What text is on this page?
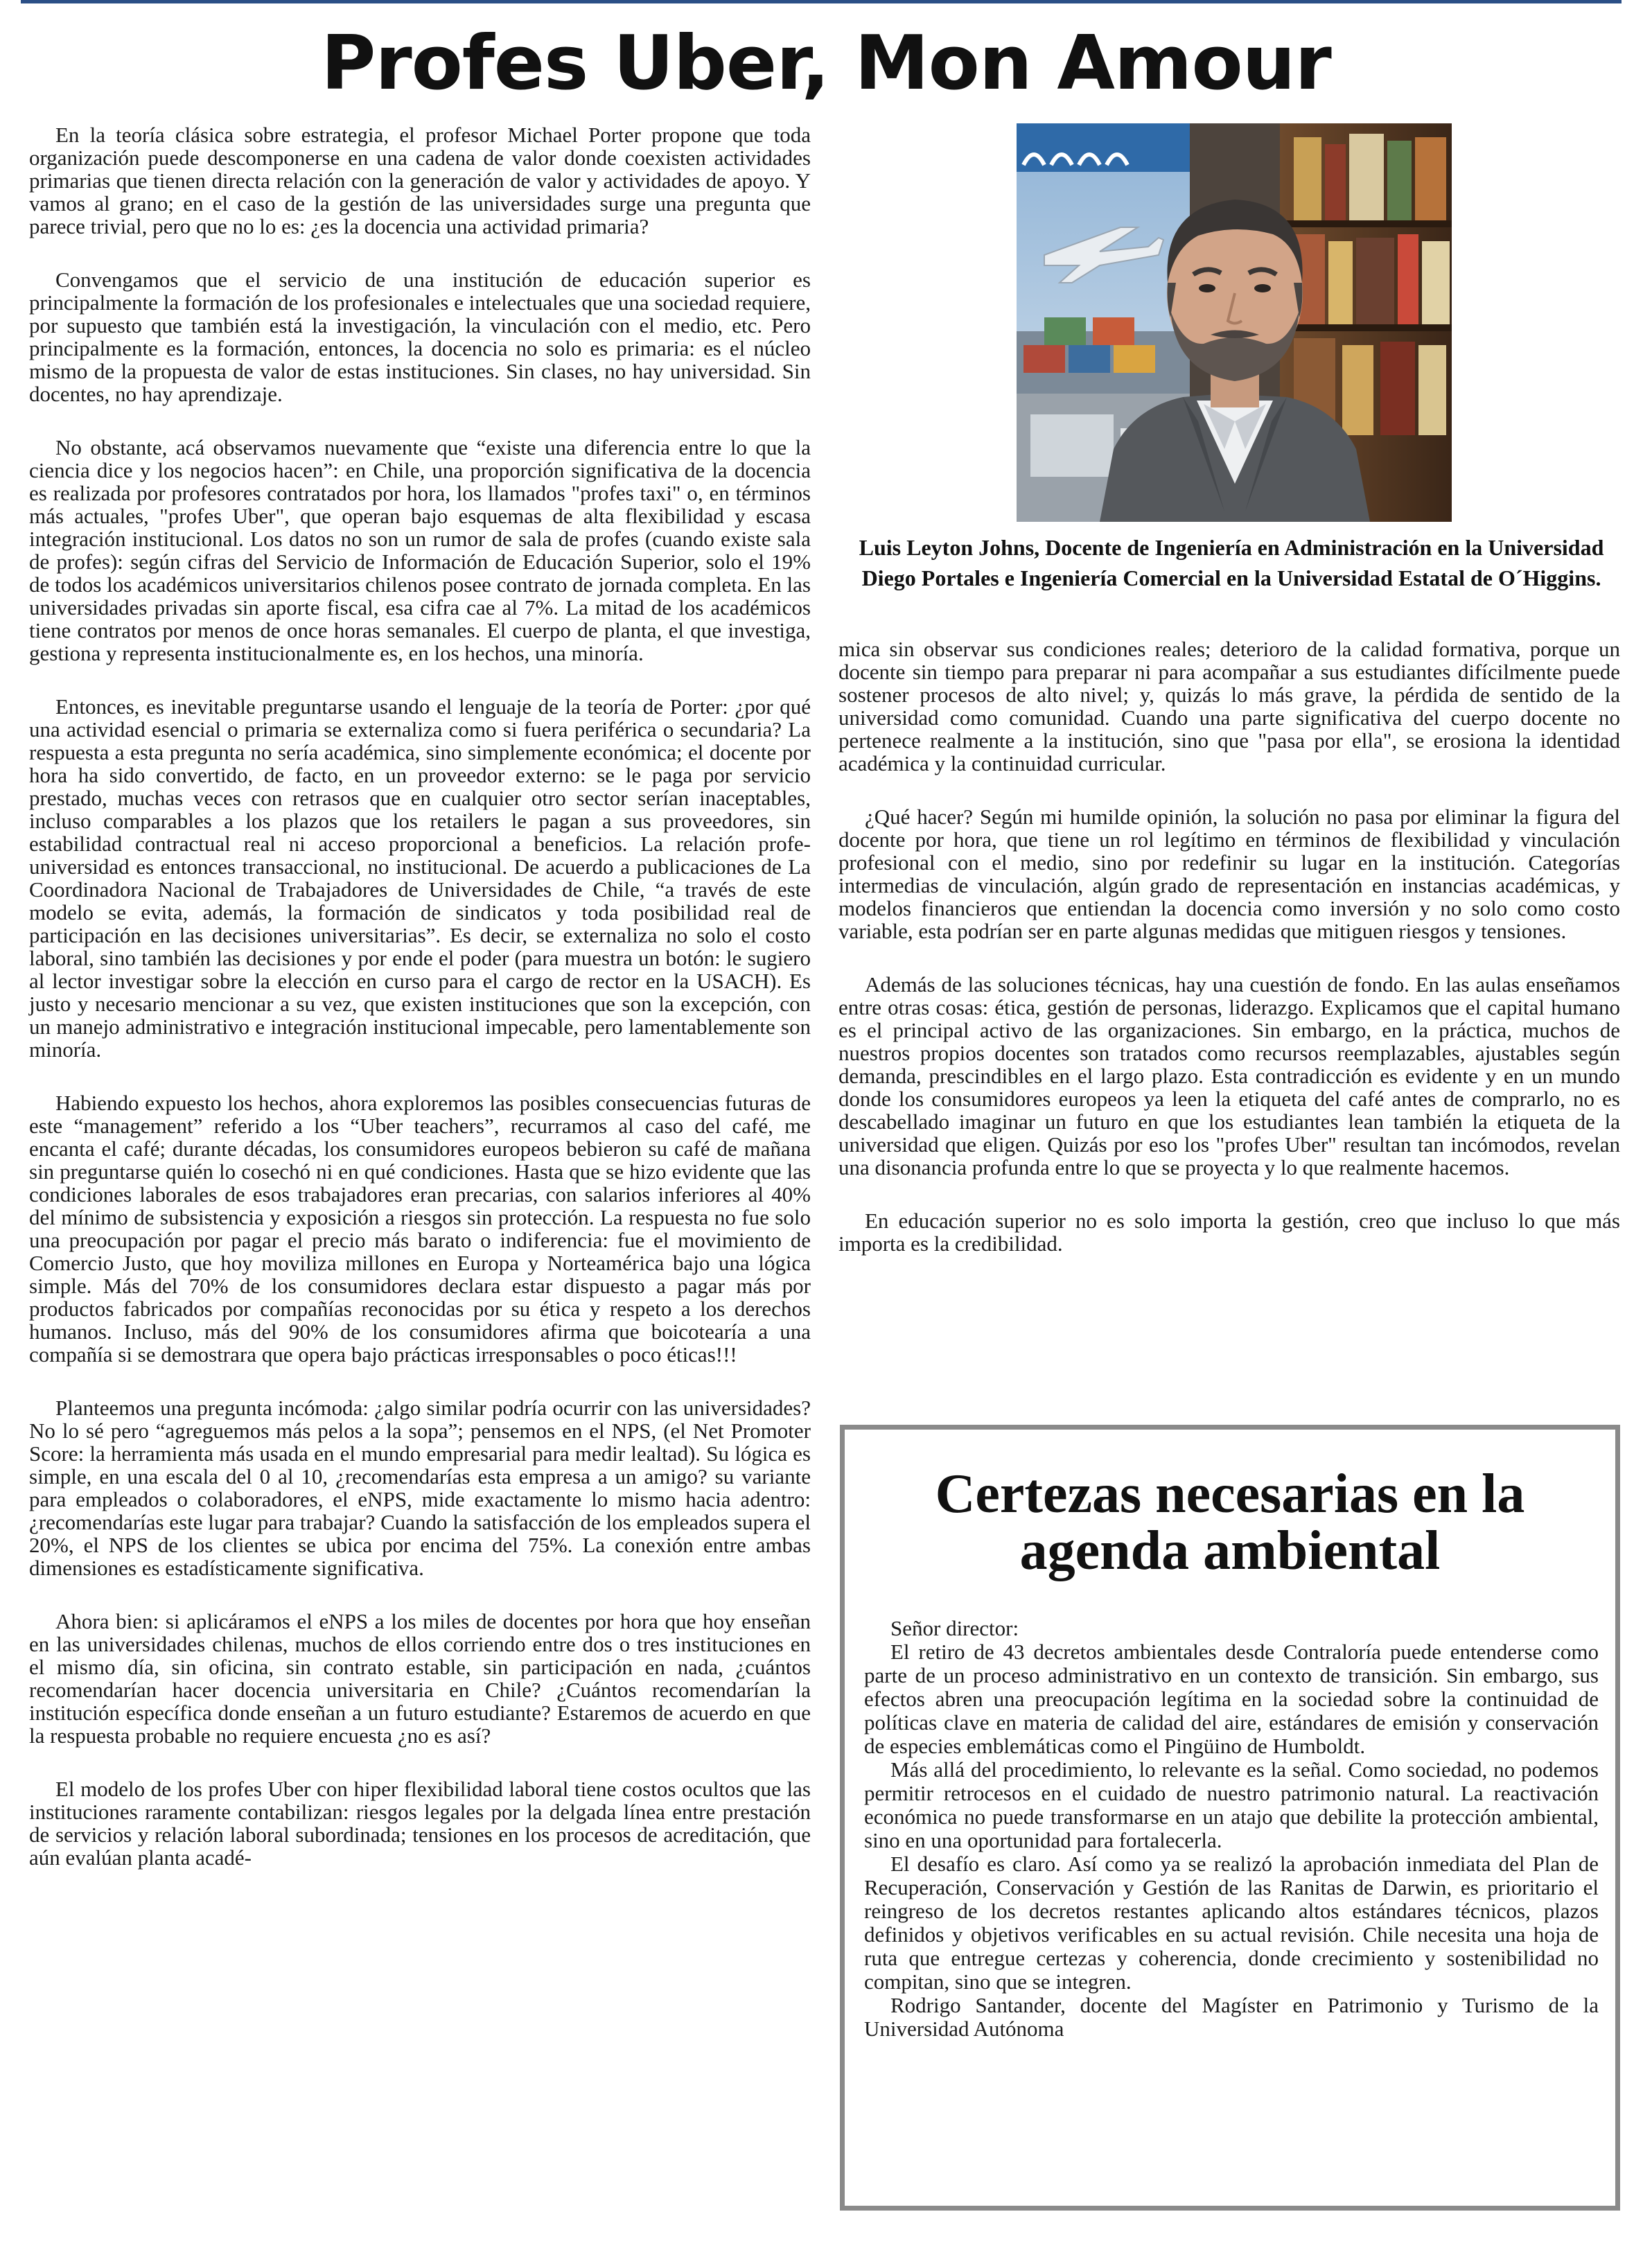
Profes Uber, Mon Amour

En la teoría clásica sobre estrategia, el profesor Michael Porter propone que toda organización puede descomponerse en una cadena de valor donde coexisten actividades primarias que tienen directa relación con la generación de valor y actividades de apoyo. Y vamos al grano; en el caso de la gestión de las universidades surge una pregunta que parece trivial, pero que no lo es: ¿es la docencia una actividad primaria?

Convengamos que el servicio de una institución de educación superior es principalmente la formación de los profesionales e intelectuales que una sociedad requiere, por supuesto que también está la investigación, la vinculación con el medio, etc. Pero principalmente es la formación, entonces, la docencia no solo es primaria: es el núcleo mismo de la propuesta de valor de estas instituciones. Sin clases, no hay universidad. Sin docentes, no hay aprendizaje.

No obstante, acá observamos nuevamente que “existe una diferencia entre lo que la ciencia dice y los negocios hacen”: en Chile, una proporción significativa de la docencia es realizada por profesores contratados por hora, los llamados "profes taxi" o, en términos más actuales, "profes Uber", que operan bajo esquemas de alta flexibilidad y escasa integración institucional. Los datos no son un rumor de sala de profes (cuando existe sala de profes): según cifras del Servicio de Información de Educación Superior, solo el 19% de todos los académicos universitarios chilenos posee contrato de jornada completa. En las universidades privadas sin aporte fiscal, esa cifra cae al 7%. La mitad de los académicos tiene contratos por menos de once horas semanales. El cuerpo de planta, el que investiga, gestiona y representa institucionalmente es, en los hechos, una minoría.

Entonces, es inevitable preguntarse usando el lenguaje de la teoría de Porter: ¿por qué una actividad esencial o primaria se externaliza como si fuera periférica o secundaria? La respuesta a esta pregunta no sería académica, sino simplemente económica; el docente por hora ha sido convertido, de facto, en un proveedor externo: se le paga por servicio prestado, muchas veces con retrasos que en cualquier otro sector serían inaceptables, incluso comparables a los plazos que los retailers le pagan a sus proveedores, sin estabilidad contractual real ni acceso proporcional a beneficios. La relación profe-universidad es entonces transaccional, no institucional. De acuerdo a publicaciones de La Coordinadora Nacional de Trabajadores de Universidades de Chile, “a través de este modelo se evita, además, la formación de sindicatos y toda posibilidad real de participación en las decisiones universitarias”. Es decir, se externaliza no solo el costo laboral, sino también las decisiones y por ende el poder (para muestra un botón: le sugiero al lector investigar sobre la elección en curso para el cargo de rector en la USACH). Es justo y necesario mencionar a su vez, que existen instituciones que son la excepción, con un manejo administrativo e integración institucional impecable, pero lamentablemente son minoría.

Habiendo expuesto los hechos, ahora exploremos las posibles consecuencias futuras de este “management” referido a los “Uber teachers”, recurramos al caso del café, me encanta el café; durante décadas, los consumidores europeos bebieron su café de mañana sin preguntarse quién lo cosechó ni en qué condiciones. Hasta que se hizo evidente que las condiciones laborales de esos trabajadores eran precarias, con salarios inferiores al 40% del mínimo de subsistencia y exposición a riesgos sin protección. La respuesta no fue solo una preocupación por pagar el precio más barato o indiferencia: fue el movimiento de Comercio Justo, que hoy moviliza millones en Europa y Norteamérica bajo una lógica simple. Más del 70% de los consumidores declara estar dispuesto a pagar más por productos fabricados por compañías reconocidas por su ética y respeto a los derechos humanos. Incluso, más del 90% de los consumidores afirma que boicotearía a una compañía si se demostrara que opera bajo prácticas irresponsables o poco éticas!!!

Planteemos una pregunta incómoda: ¿algo similar podría ocurrir con las universidades? No lo sé pero “agreguemos más pelos a la sopa”; pensemos en el NPS, (el Net Promoter Score: la herramienta más usada en el mundo empresarial para medir lealtad). Su lógica es simple, en una escala del 0 al 10, ¿recomendarías esta empresa a un amigo? su variante para empleados o colaboradores, el eNPS, mide exactamente lo mismo hacia adentro: ¿recomendarías este lugar para trabajar? Cuando la satisfacción de los empleados supera el 20%, el NPS de los clientes se ubica por encima del 75%. La conexión entre ambas dimensiones es estadísticamente significativa.

Ahora bien: si aplicáramos el eNPS a los miles de docentes por hora que hoy enseñan en las universidades chilenas, muchos de ellos corriendo entre dos o tres instituciones en el mismo día, sin oficina, sin contrato estable, sin participación en nada, ¿cuántos recomendarían hacer docencia universitaria en Chile? ¿Cuántos recomendarían la institución específica donde enseñan a un futuro estudiante? Estaremos de acuerdo en que la respuesta probable no requiere encuesta ¿no es así?

El modelo de los profes Uber con hiper flexibilidad laboral tiene costos ocultos que las instituciones raramente contabilizan: riesgos legales por la delgada línea entre prestación de servicios y relación laboral subordinada; tensiones en los procesos de acreditación, que aún evalúan planta acadé-

Luis Leyton Johns, Docente de Ingeniería en Administración en la Universidad Diego Portales e Ingeniería Comercial en la Universidad Estatal de O´Higgins.

mica sin observar sus condiciones reales; deterioro de la calidad formativa, porque un docente sin tiempo para preparar ni para acompañar a sus estudiantes difícilmente puede sostener procesos de alto nivel; y, quizás lo más grave, la pérdida de sentido de la universidad como comunidad. Cuando una parte significativa del cuerpo docente no pertenece realmente a la institución, sino que "pasa por ella", se erosiona la identidad académica y la continuidad curricular.

¿Qué hacer? Según mi humilde opinión, la solución no pasa por eliminar la figura del docente por hora, que tiene un rol legítimo en términos de flexibilidad y vinculación profesional con el medio, sino por redefinir su lugar en la institución. Categorías intermedias de vinculación, algún grado de representación en instancias académicas, y modelos financieros que entiendan la docencia como inversión y no solo como costo variable, esta podrían ser en parte algunas medidas que mitiguen riesgos y tensiones.

Además de las soluciones técnicas, hay una cuestión de fondo. En las aulas enseñamos entre otras cosas: ética, gestión de personas, liderazgo. Explicamos que el capital humano es el principal activo de las organizaciones. Sin embargo, en la práctica, muchos de nuestros propios docentes son tratados como recursos reemplazables, ajustables según demanda, prescindibles en el largo plazo. Esta contradicción es evidente y en un mundo donde los consumidores europeos ya leen la etiqueta del café antes de comprarlo, no es descabellado imaginar un futuro en que los estudiantes lean también la etiqueta de la universidad que eligen. Quizás por eso los "profes Uber" resultan tan incómodos, revelan una disonancia profunda entre lo que se proyecta y lo que realmente hacemos.

En educación superior no es solo importa la gestión, creo que incluso lo que más importa es la credibilidad.

Certezas necesarias en la agenda ambiental

Señor director:

El retiro de 43 decretos ambientales desde Contraloría puede entenderse como parte de un proceso administrativo en un contexto de transición. Sin embargo, sus efectos abren una preocupación legítima en la sociedad sobre la continuidad de políticas clave en materia de calidad del aire, estándares de emisión y conservación de especies emblemáticas como el Pingüino de Humboldt.

Más allá del procedimiento, lo relevante es la señal. Como sociedad, no podemos permitir retrocesos en el cuidado de nuestro patrimonio natural. La reactivación económica no puede transformarse en un atajo que debilite la protección ambiental, sino en una oportunidad para fortalecerla.

El desafío es claro. Así como ya se realizó la aprobación inmediata del Plan de Recuperación, Conservación y Gestión de las Ranitas de Darwin, es prioritario el reingreso de los decretos restantes aplicando altos estándares técnicos, plazos definidos y objetivos verificables en su actual revisión. Chile necesita una hoja de ruta que entregue certezas y coherencia, donde crecimiento y sostenibilidad no compitan, sino que se integren.

Rodrigo Santander, docente del Magíster en Patrimonio y Turismo de la Universidad Autónoma
